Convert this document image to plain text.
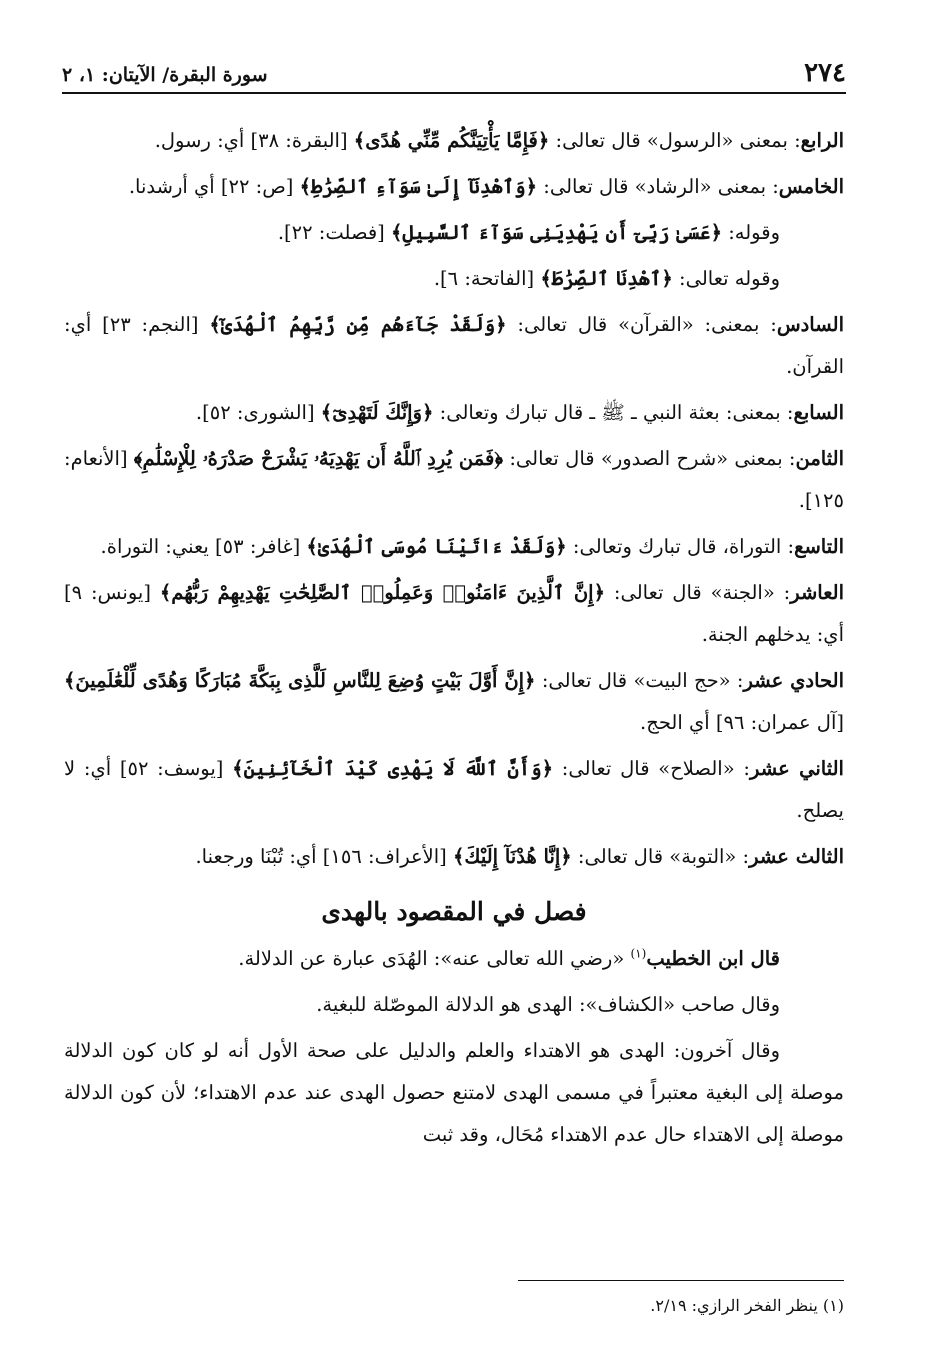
٢٧٤
سورة البقرة/ الآيتان: ١، ٢

الرابع: بمعنى «الرسول» قال تعالى: ﴿فَإِمَّا يَأْتِيَنَّكُم مِّنِّي هُدًى﴾ [البقرة: ٣٨] أي: رسول.

الخامس: بمعنى «الرشاد» قال تعالى: ﴿وَٱهْدِنَآ إِلَىٰ سَوَآءِ ٱلصِّرَٰطِ﴾ [ص: ٢٢] أي أرشدنا.

وقوله: ﴿عَسَىٰ رَبِّىٓ أَن يَهْدِيَنِى سَوَآءَ ٱلسَّبِيلِ﴾ [فصلت: ٢٢].

وقوله تعالى: ﴿ٱهْدِنَا ٱلصِّرَٰطَ﴾ [الفاتحة: ٦].

السادس: بمعنى: «القرآن» قال تعالى: ﴿وَلَقَدْ جَآءَهُم مِّن رَّبِّهِمُ ٱلْهُدَىٰٓ﴾ [النجم: ٢٣] أي: القرآن.

السابع: بمعنى: بعثة النبي ـ ﷺ ـ قال تبارك وتعالى: ﴿وَإِنَّكَ لَتَهْدِىٓ﴾ [الشورى: ٥٢].

الثامن: بمعنى «شرح الصدور» قال تعالى: ﴿فَمَن يُرِدِ ٱللَّهُ أَن يَهْدِيَهُۥ يَشْرَحْ صَدْرَهُۥ لِلْإِسْلَٰمِ﴾ [الأنعام: ١٢٥].

التاسع: التوراة، قال تبارك وتعالى: ﴿وَلَقَدْ ءَاتَيْنَا مُوسَى ٱلْهُدَىٰ﴾ [غافر: ٥٣] يعني: التوراة.

العاشر: «الجنة» قال تعالى: ﴿إِنَّ ٱلَّذِينَ ءَامَنُوا۟ وَعَمِلُوا۟ ٱلصَّٰلِحَٰتِ يَهْدِيهِمْ رَبُّهُم﴾ [يونس: ٩] أي: يدخلهم الجنة.

الحادي عشر: «حج البيت» قال تعالى: ﴿إِنَّ أَوَّلَ بَيْتٍ وُضِعَ لِلنَّاسِ لَلَّذِى بِبَكَّةَ مُبَارَكًا وَهُدًى لِّلْعَٰلَمِينَ﴾ [آل عمران: ٩٦] أي الحج.

الثاني عشر: «الصلاح» قال تعالى: ﴿وَأَنَّ ٱللَّهَ لَا يَهْدِى كَيْدَ ٱلْخَآئِنِينَ﴾ [يوسف: ٥٢] أي: لا يصلح.

الثالث عشر: «التوبة» قال تعالى: ﴿إِنَّا هُدْنَآ إِلَيْكَ﴾ [الأعراف: ١٥٦] أي: تُبْنَا ورجعنا.

فصل في المقصود بالهدى

قال ابن الخطيب$^{(١)}$ «رضي الله تعالى عنه»: الهُدَى عبارة عن الدلالة.

وقال صاحب «الكشاف»: الهدى هو الدلالة الموصّلة للبغية.

وقال آخرون: الهدى هو الاهتداء والعلم والدليل على صحة الأول أنه لو كان كون الدلالة موصلة إلى البغية معتبراً في مسمى الهدى لامتنع حصول الهدى عند عدم الاهتداء؛ لأن كون الدلالة موصلة إلى الاهتداء حال عدم الاهتداء مُحَال، وقد ثبت

(١) ينظر الفخر الرازي: ٢/١٩.
